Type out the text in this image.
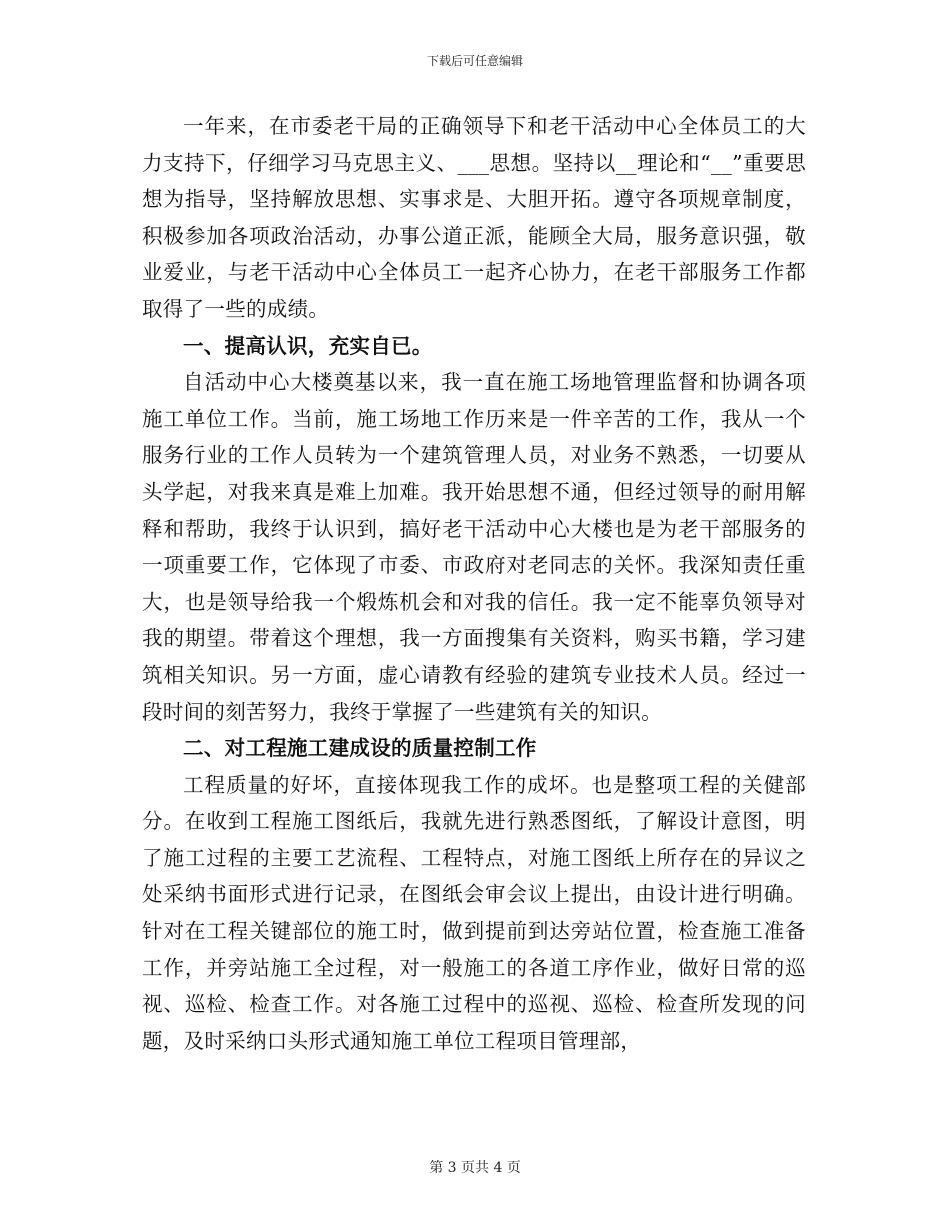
下载后可任意编辑

一年来，在市委老干局的正确领导下和老干活动中心全体员工的大力支持下，仔细学习马克思主义、___思想。坚持以__理论和“__”重要思想为指导，坚持解放思想、实事求是、大胆开拓。遵守各项规章制度，积极参加各项政治活动，办事公道正派，能顾全大局，服务意识强，敬业爱业，与老干活动中心全体员工一起齐心协力，在老干部服务工作都取得了一些的成绩。

一、提高认识，充实自已。

自活动中心大楼奠基以来，我一直在施工场地管理监督和协调各项施工单位工作。当前，施工场地工作历来是一件辛苦的工作，我从一个服务行业的工作人员转为一个建筑管理人员，对业务不熟悉，一切要从头学起，对我来真是难上加难。我开始思想不通，但经过领导的耐用解释和帮助，我终于认识到，搞好老干活动中心大楼也是为老干部服务的一项重要工作，它体现了市委、市政府对老同志的关怀。我深知责任重大，也是领导给我一个煅炼机会和对我的信任。我一定不能辜负领导对我的期望。带着这个理想，我一方面搜集有关资料，购买书籍，学习建筑相关知识。另一方面，虚心请教有经验的建筑专业技术人员。经过一段时间的刻苦努力，我终于掌握了一些建筑有关的知识。

二、对工程施工建成设的质量控制工作

工程质量的好坏，直接体现我工作的成坏。也是整项工程的关健部分。在收到工程施工图纸后，我就先进行熟悉图纸，了解设计意图，明了施工过程的主要工艺流程、工程特点，对施工图纸上所存在的异议之处采纳书面形式进行记录，在图纸会审会议上提出，由设计进行明确。针对在工程关键部位的施工时，做到提前到达旁站位置，检查施工准备工作，并旁站施工全过程，对一般施工的各道工序作业，做好日常的巡视、巡检、检查工作。对各施工过程中的巡视、巡检、检查所发现的问题，及时采纳口头形式通知施工单位工程项目管理部，

第 3 页共 4 页
